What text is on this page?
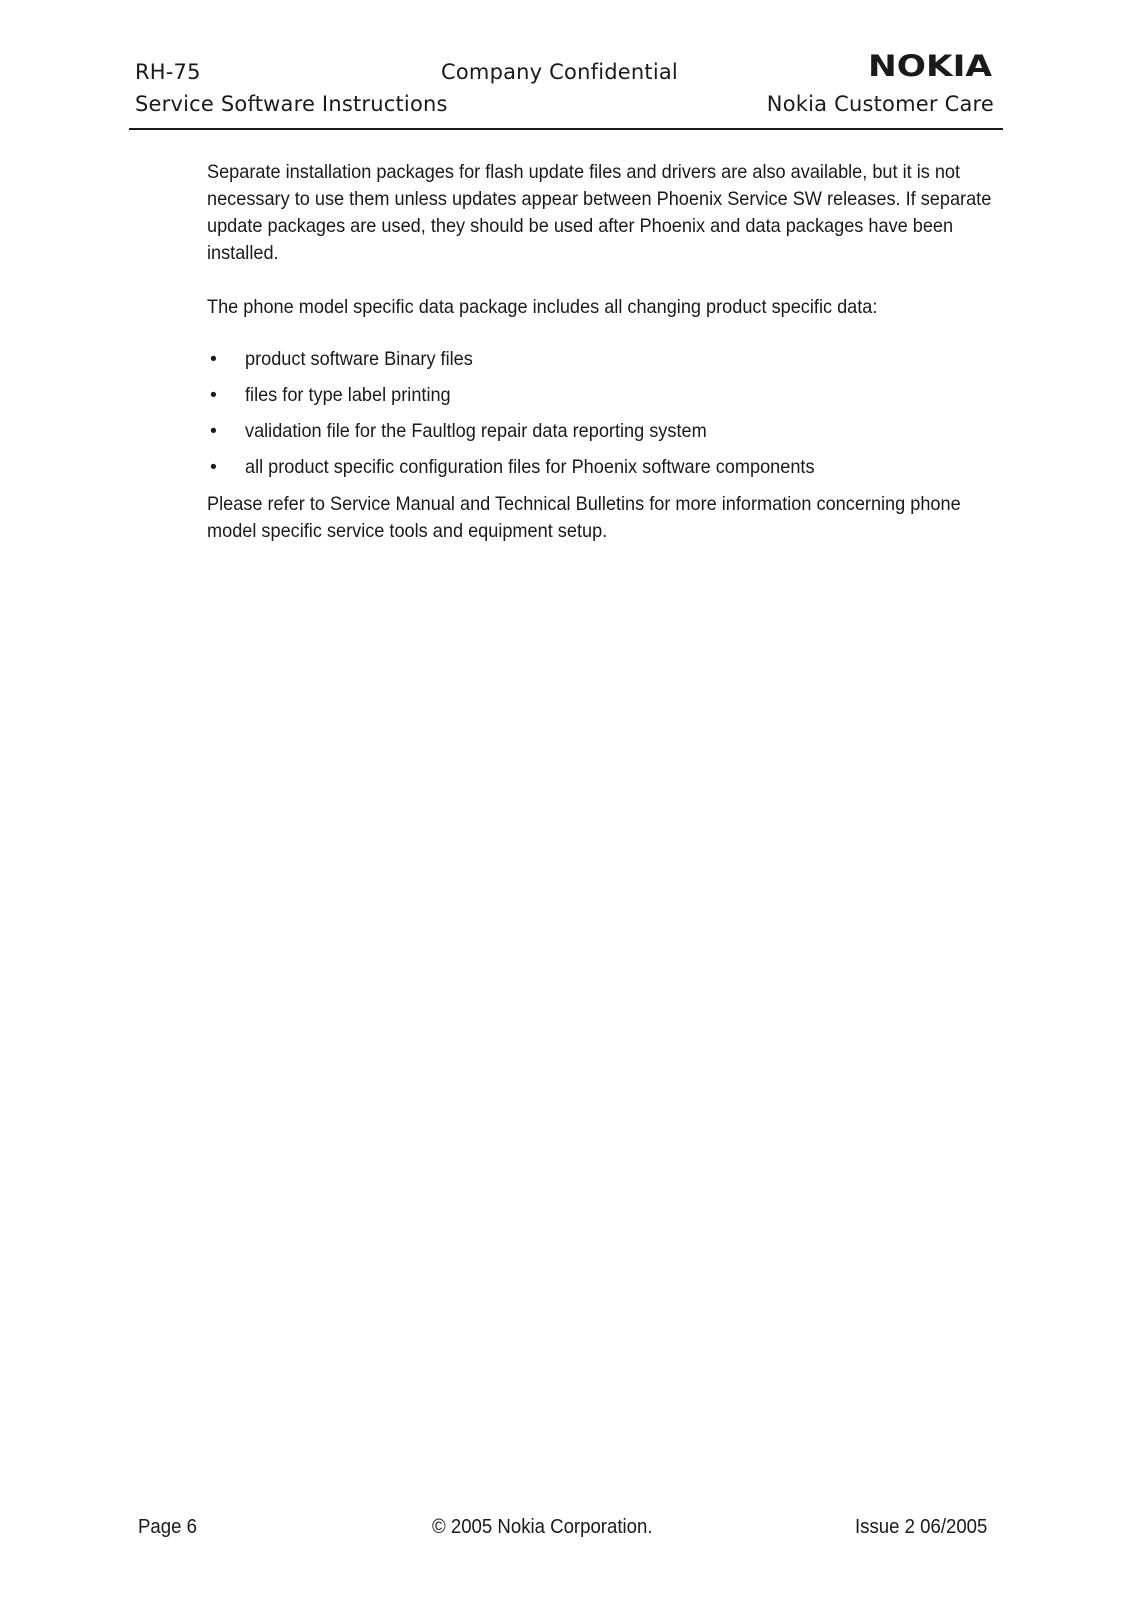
RH-75	Company Confidential	NOKIA
Service Software Instructions	Nokia Customer Care

Separate installation packages for flash update files and drivers are also available, but it is not necessary to use them unless updates appear between Phoenix Service SW releases. If separate update packages are used, they should be used after Phoenix and data packages have been installed.

The phone model specific data package includes all changing product specific data:

• product software Binary files
• files for type label printing
• validation file for the Faultlog repair data reporting system
• all product specific configuration files for Phoenix software components

Please refer to Service Manual and Technical Bulletins for more information concerning phone model specific service tools and equipment setup.

Page 6	© 2005 Nokia Corporation.	Issue 2 06/2005
